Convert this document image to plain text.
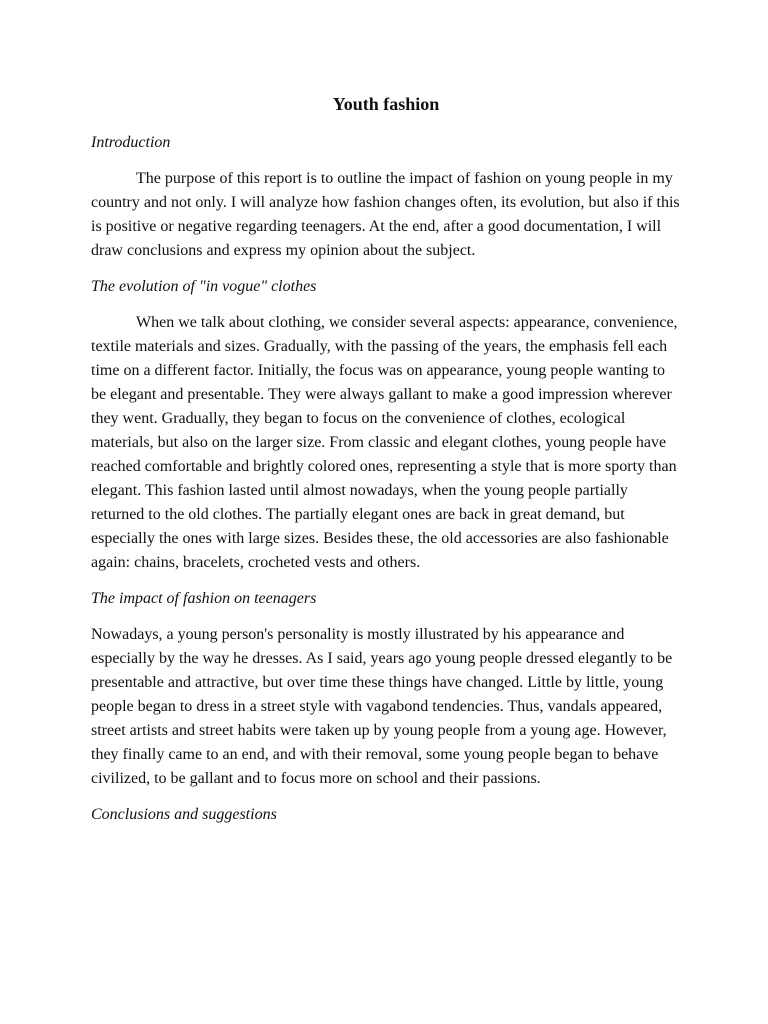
Youth fashion
Introduction

The purpose of this report is to outline the impact of fashion on young people in my country and not only. I will analyze how fashion changes often, its evolution, but also if this is positive or negative regarding teenagers. At the end, after a good documentation, I will draw conclusions and express my opinion about the subject.

The evolution of "in vogue" clothes

When we talk about clothing, we consider several aspects: appearance, convenience, textile materials and sizes. Gradually, with the passing of the years, the emphasis fell each time on a different factor. Initially, the focus was on appearance, young people wanting to be elegant and presentable. They were always gallant to make a good impression wherever they went. Gradually, they began to focus on the convenience of clothes, ecological materials, but also on the larger size. From classic and elegant clothes, young people have reached comfortable and brightly colored ones, representing a style that is more sporty than elegant. This fashion lasted until almost nowadays, when the young people partially returned to the old clothes. The partially elegant ones are back in great demand, but especially the ones with large sizes. Besides these, the old accessories are also fashionable again: chains, bracelets, crocheted vests and others.

The impact of fashion on teenagers

Nowadays, a young person's personality is mostly illustrated by his appearance and especially by the way he dresses. As I said, years ago young people dressed elegantly to be presentable and attractive, but over time these things have changed. Little by little, young people began to dress in a street style with vagabond tendencies. Thus, vandals appeared, street artists and street habits were taken up by young people from a young age. However, they finally came to an end, and with their removal, some young people began to behave civilized, to be gallant and to focus more on school and their passions.

Conclusions and suggestions
